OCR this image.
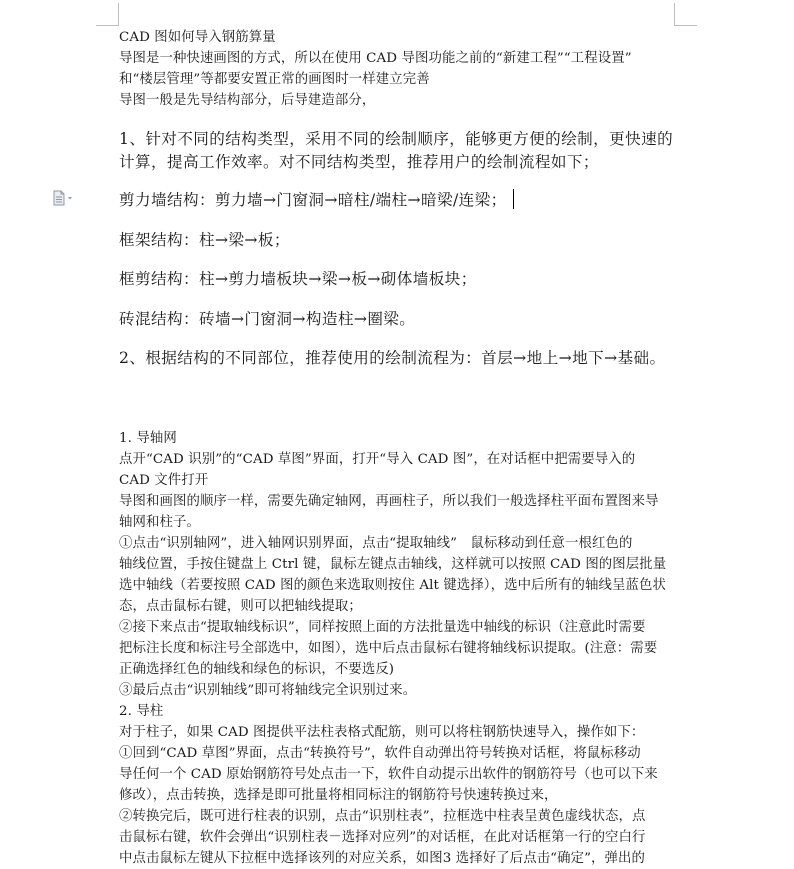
CAD 图如何导入钢筋算量
导图是一种快速画图的方式，所以在使用 CAD 导图功能之前的“新建工程”“工程设置”
和“楼层管理”等都要安置正常的画图时一样建立完善
导图一般是先导结构部分，后导建造部分，
1、针对不同的结构类型，采用不同的绘制顺序，能够更方便的绘制，更快速的
计算，提高工作效率。对不同结构类型，推荐用户的绘制流程如下；
剪力墙结构：剪力墙→门窗洞→暗柱/端柱→暗梁/连梁；
框架结构：柱→梁→板；
框剪结构：柱→剪力墙板块→梁→板→砌体墙板块；
砖混结构：砖墙→门窗洞→构造柱→圈梁。
2、根据结构的不同部位，推荐使用的绘制流程为：首层→地上→地下→基础。
1. 导轴网
点开“CAD 识别”的“CAD 草图”界面，打开“导入 CAD 图”，在对话框中把需要导入的
CAD 文件打开
导图和画图的顺序一样，需要先确定轴网，再画柱子，所以我们一般选择柱平面布置图来导
轴网和柱子。
①点击“识别轴网”，进入轴网识别界面，点击“提取轴线”　鼠标移动到任意一根红色的
轴线位置，手按住键盘上 Ctrl 键，鼠标左键点击轴线，这样就可以按照 CAD 图的图层批量
选中轴线（若要按照 CAD 图的颜色来选取则按住 Alt 键选择），选中后所有的轴线呈蓝色状
态，点击鼠标右键，则可以把轴线提取；
②接下来点击“提取轴线标识”，同样按照上面的方法批量选中轴线的标识（注意此时需要
把标注长度和标注号全部选中，如图），选中后点击鼠标右键将轴线标识提取。(注意：需要
正确选择红色的轴线和绿色的标识，不要选反)
③最后点击“识别轴线”即可将轴线完全识别过来。
2. 导柱
对于柱子，如果 CAD 图提供平法柱表格式配筋，则可以将柱钢筋快速导入，操作如下：
①回到“CAD 草图”界面，点击“转换符号”，软件自动弹出符号转换对话框，将鼠标移动
导任何一个 CAD 原始钢筋符号处点击一下，软件自动提示出软件的钢筋符号（也可以下来
修改），点击转换，选择是即可批量将相同标注的钢筋符号快速转换过来，
②转换完后，既可进行柱表的识别，点击“识别柱表”，拉框选中柱表呈黄色虚线状态，点
击鼠标右键，软件会弹出“识别柱表－选择对应列”的对话框，在此对话框第一行的空白行
中点击鼠标左键从下拉框中选择该列的对应关系，如图3 选择好了后点击“确定”，弹出的
